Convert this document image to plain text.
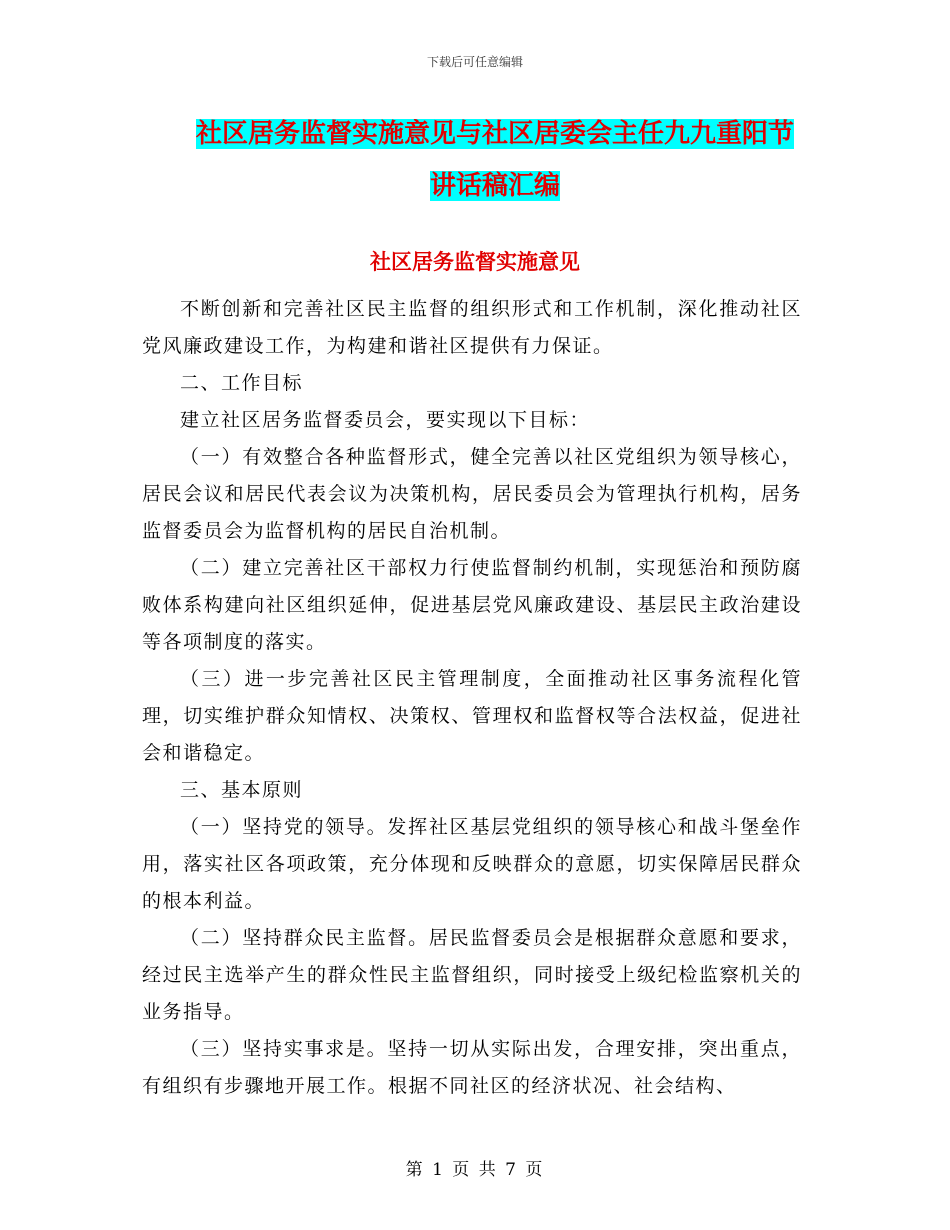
下载后可任意编辑
社区居务监督实施意见与社区居委会主任九九重阳节
讲话稿汇编
社区居务监督实施意见

不断创新和完善社区民主监督的组织形式和工作机制，深化推动社区党风廉政建设工作，为构建和谐社区提供有力保证。

二、工作目标

建立社区居务监督委员会，要实现以下目标：

（一）有效整合各种监督形式，健全完善以社区党组织为领导核心，居民会议和居民代表会议为决策机构，居民委员会为管理执行机构，居务监督委员会为监督机构的居民自治机制。

（二）建立完善社区干部权力行使监督制约机制，实现惩治和预防腐败体系构建向社区组织延伸，促进基层党风廉政建设、基层民主政治建设等各项制度的落实。

（三）进一步完善社区民主管理制度，全面推动社区事务流程化管理，切实维护群众知情权、决策权、管理权和监督权等合法权益，促进社会和谐稳定。

三、基本原则

（一）坚持党的领导。发挥社区基层党组织的领导核心和战斗堡垒作用，落实社区各项政策，充分体现和反映群众的意愿，切实保障居民群众的根本利益。

（二）坚持群众民主监督。居民监督委员会是根据群众意愿和要求，经过民主选举产生的群众性民主监督组织，同时接受上级纪检监察机关的业务指导。

（三）坚持实事求是。坚持一切从实际出发，合理安排，突出重点，有组织有步骤地开展工作。根据不同社区的经济状况、社会结构、

第 1 页 共 7 页
